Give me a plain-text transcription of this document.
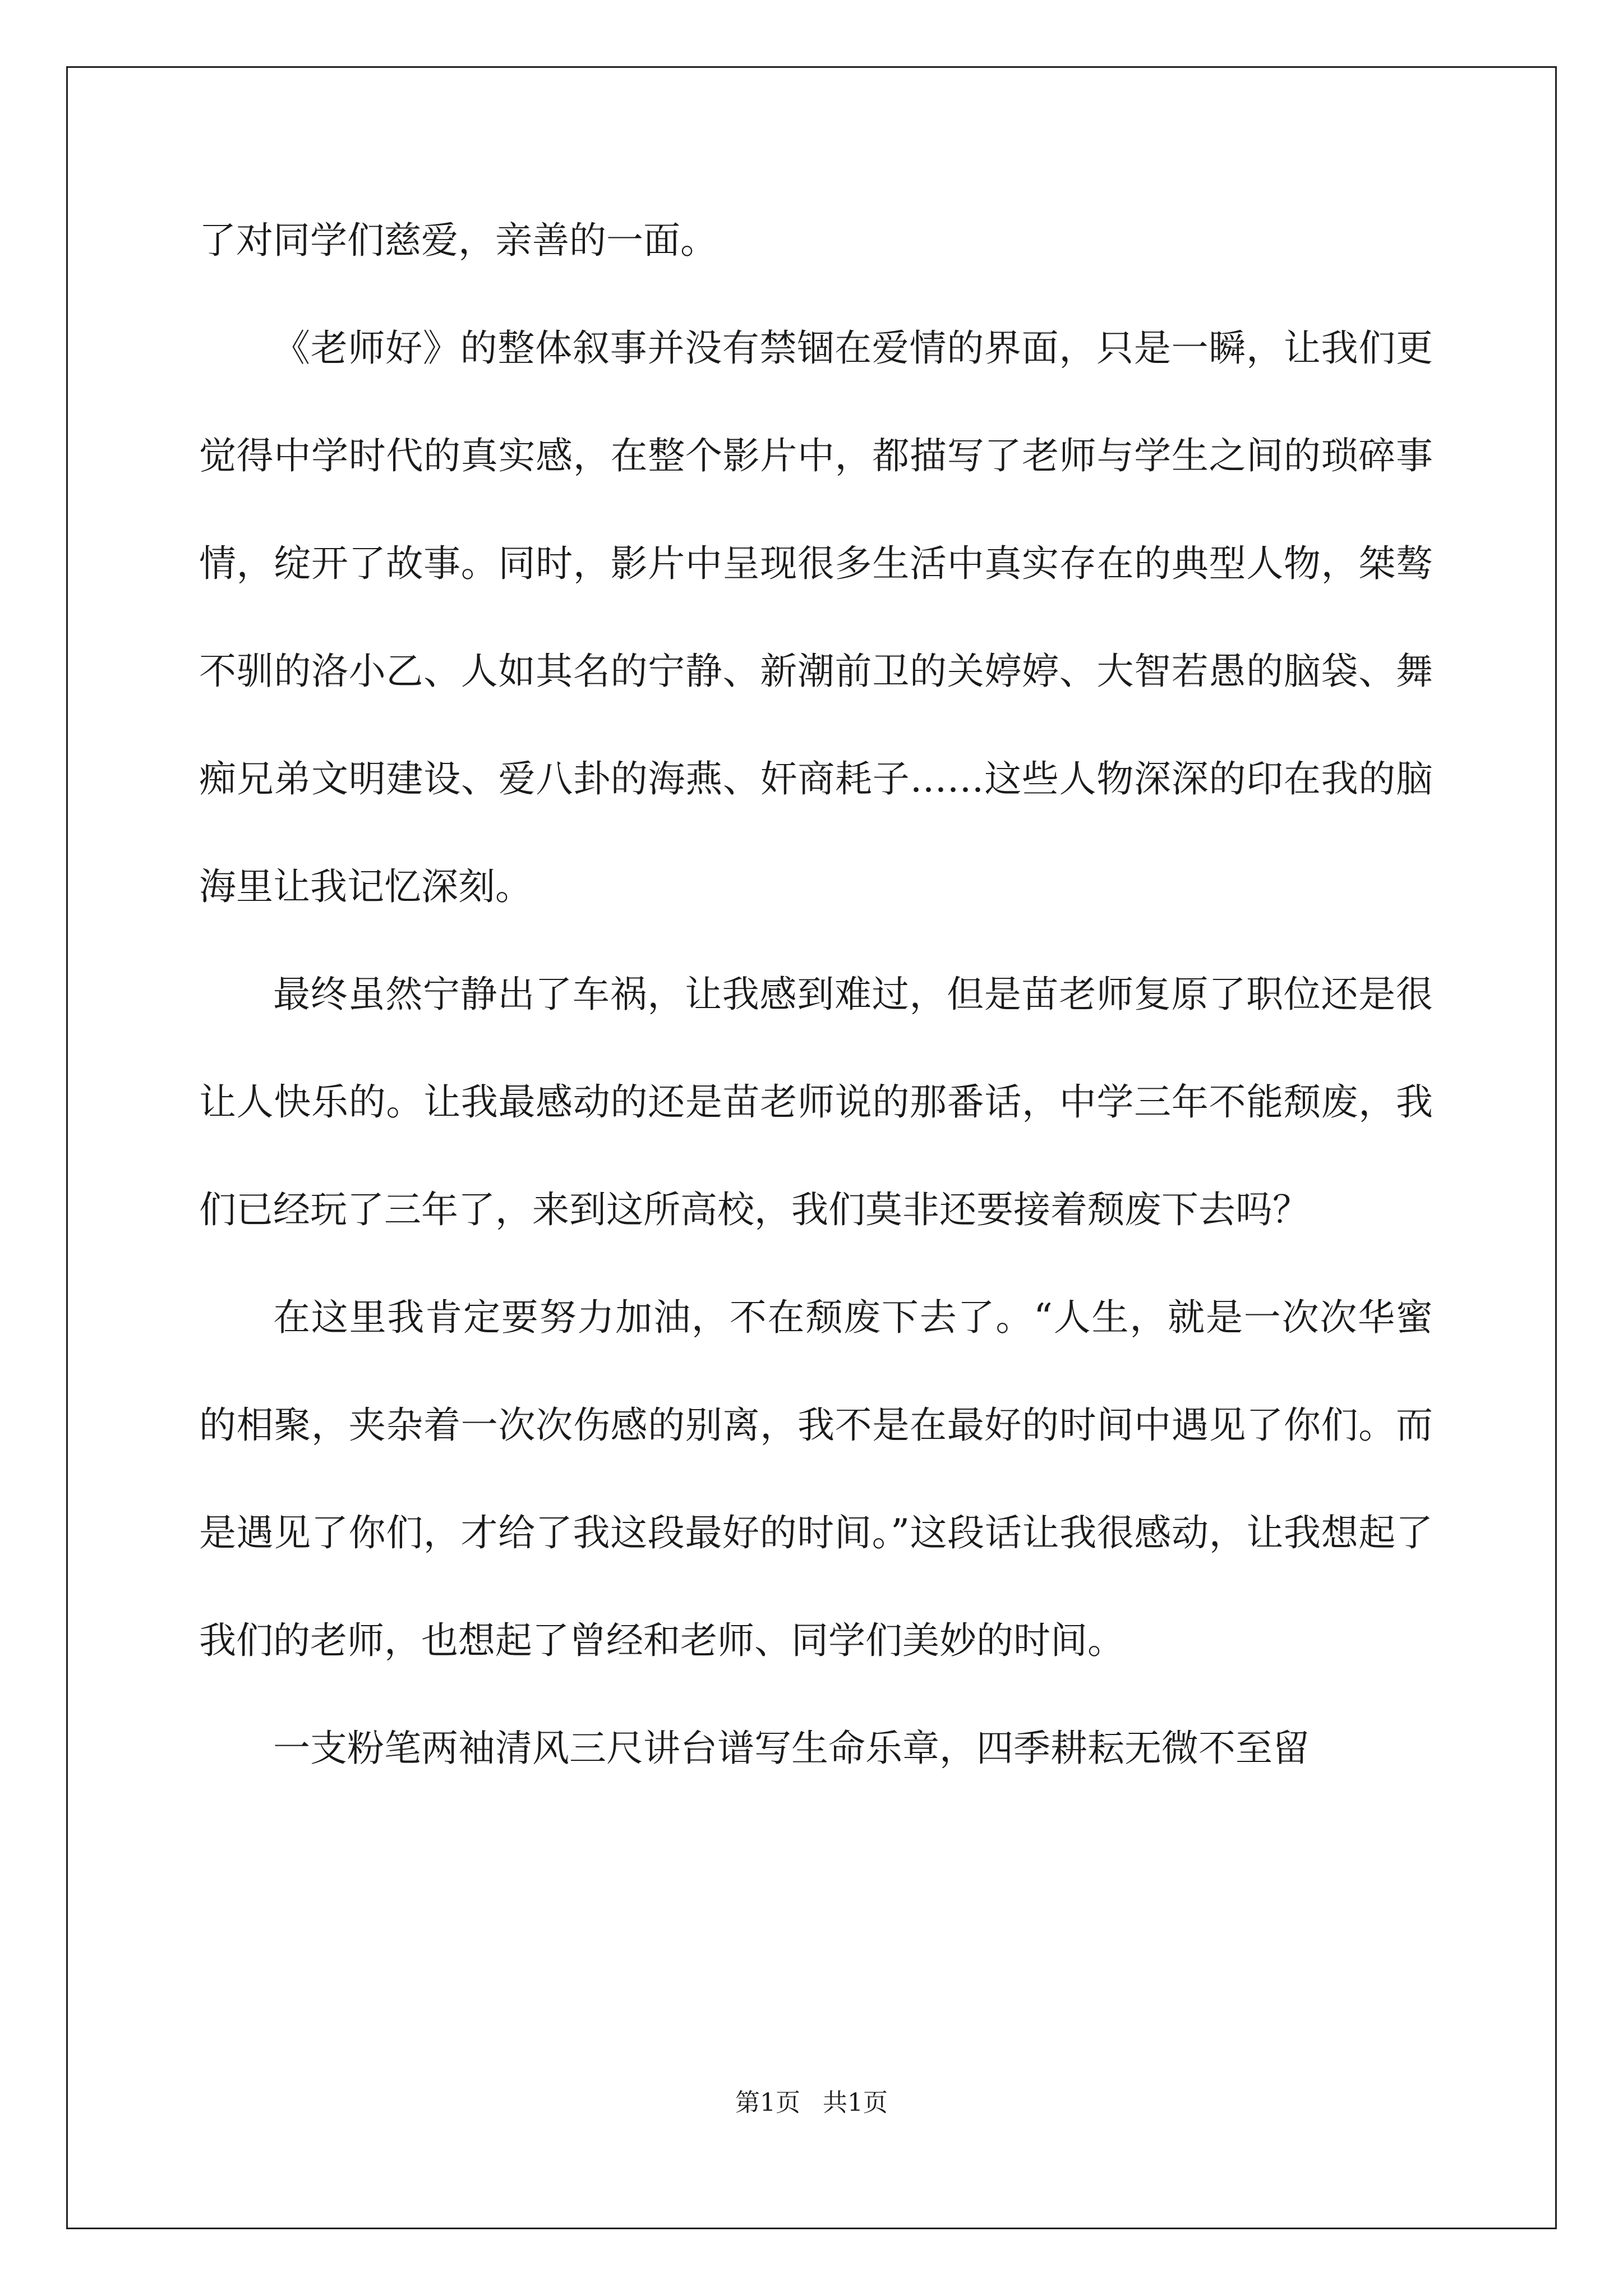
了对同学们慈爱，亲善的一面。

《老师好》的整体叙事并没有禁锢在爱情的界面，只是一瞬，让我们更觉得中学时代的真实感，在整个影片中，都描写了老师与学生之间的琐碎事情，绽开了故事。同时，影片中呈现很多生活中真实存在的典型人物，桀骜不驯的洛小乙、人如其名的宁静、新潮前卫的关婷婷、大智若愚的脑袋、舞痴兄弟文明建设、爱八卦的海燕、奸商耗子……这些人物深深的印在我的脑海里让我记忆深刻。

最终虽然宁静出了车祸，让我感到难过，但是苗老师复原了职位还是很让人快乐的。让我最感动的还是苗老师说的那番话，中学三年不能颓废，我们已经玩了三年了，来到这所高校，我们莫非还要接着颓废下去吗？

在这里我肯定要努力加油，不在颓废下去了。“人生，就是一次次华蜜的相聚，夹杂着一次次伤感的别离，我不是在最好的时间中遇见了你们。而是遇见了你们，才给了我这段最好的时间。”这段话让我很感动，让我想起了我们的老师，也想起了曾经和老师、同学们美妙的时间。

一支粉笔两袖清风三尺讲台谱写生命乐章，四季耕耘无微不至留

第1页 共1页
